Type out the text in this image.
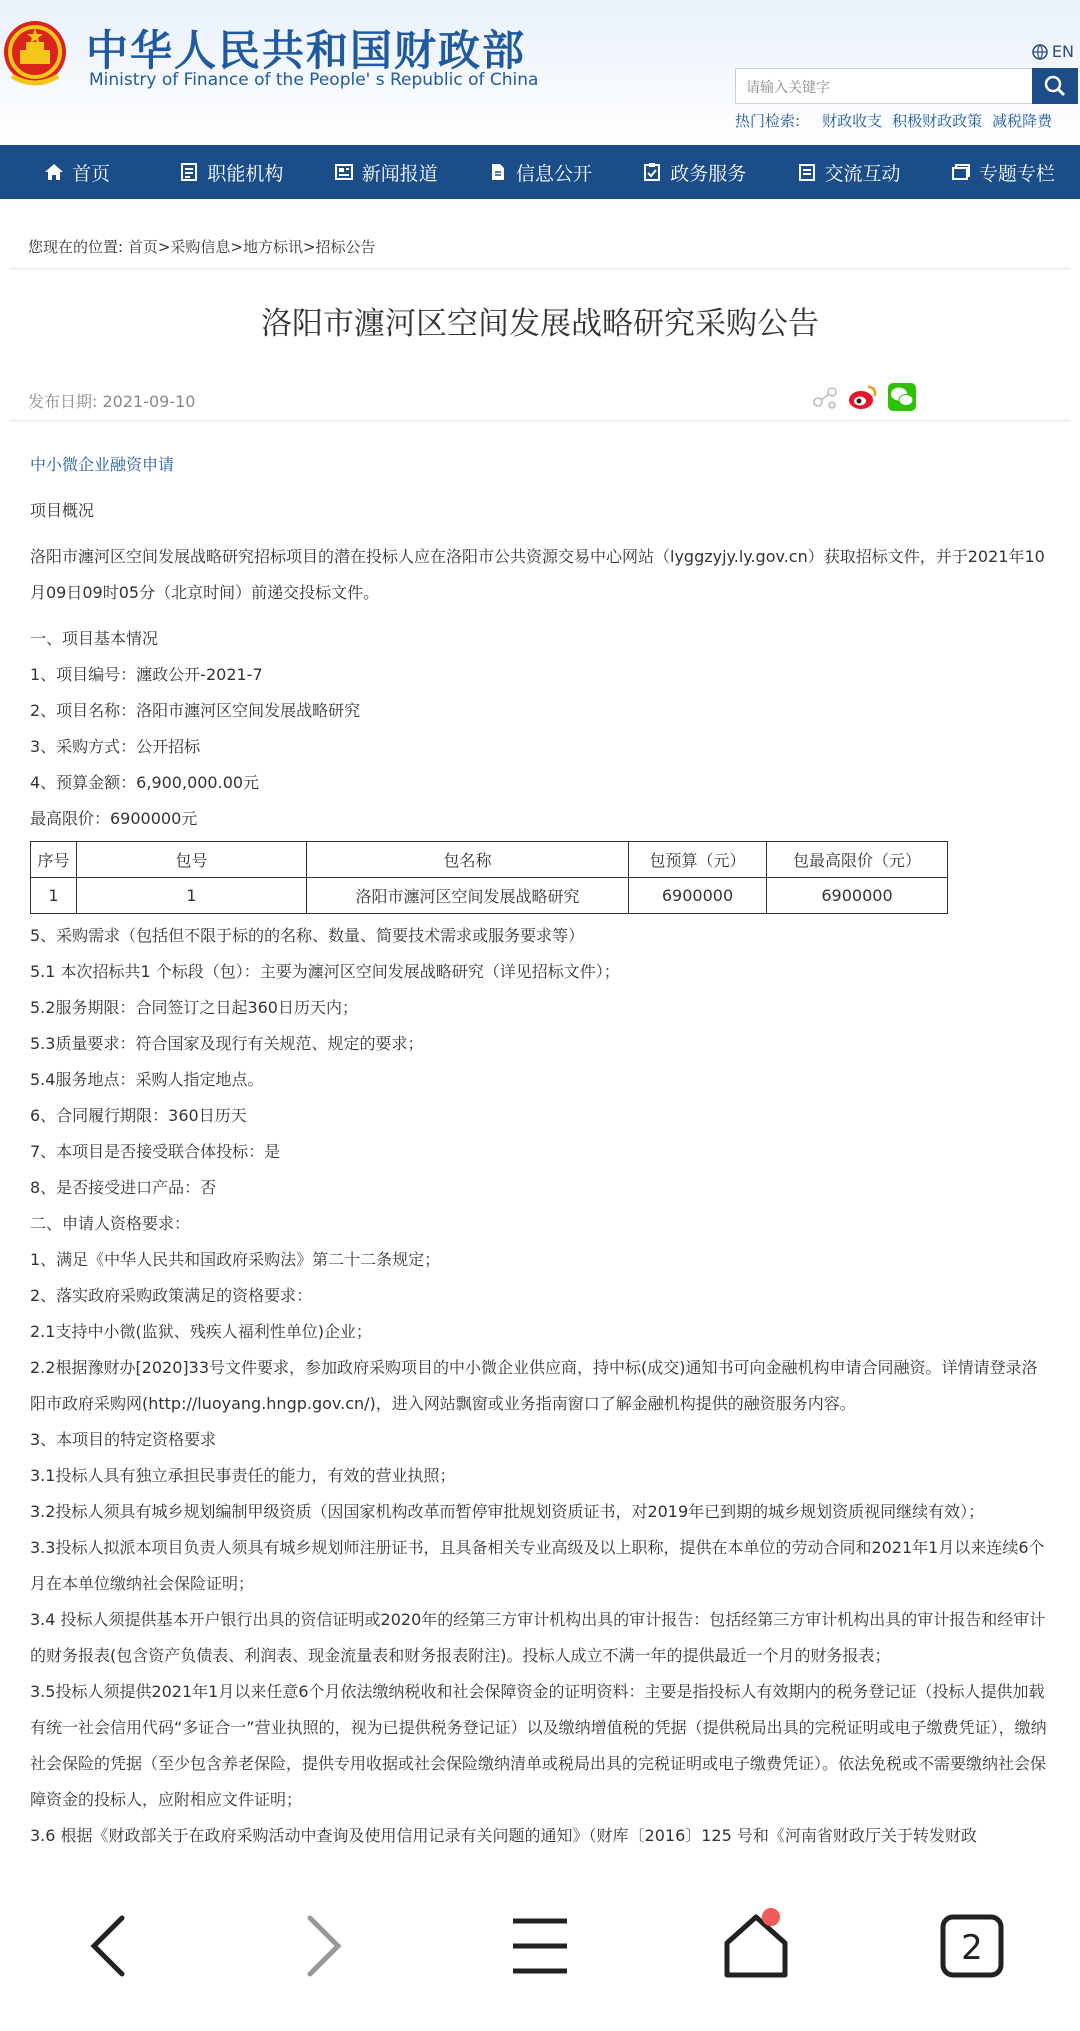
中华人民共和国财政部
Ministry of Finance of the People' s Republic of China
EN
请输入关键字
热门检索: 财政收支 积极财政政策 减税降费
首页	职能机构	新闻报道	信息公开	政务服务	交流互动	专题专栏
您现在的位置: 首页>采购信息>地方标讯>招标公告
洛阳市瀍河区空间发展战略研究采购公告
发布日期: 2021-09-10
中小微企业融资申请
项目概况
洛阳市瀍河区空间发展战略研究招标项目的潜在投标人应在洛阳市公共资源交易中心网站（lyggzyjy.ly.gov.cn）获取招标文件，并于2021年10月09日09时05分（北京时间）前递交投标文件。
一、项目基本情况
1、项目编号：瀍政公开-2021-7
2、项目名称：洛阳市瀍河区空间发展战略研究
3、采购方式：公开招标
4、预算金额：6,900,000.00元
最高限价：6900000元
序号	包号	包名称	包预算（元）	包最高限价（元）
1	1	洛阳市瀍河区空间发展战略研究	6900000	6900000
5、采购需求（包括但不限于标的的名称、数量、简要技术需求或服务要求等）
5.1 本次招标共1 个标段（包）：主要为瀍河区空间发展战略研究（详见招标文件）；
5.2服务期限：合同签订之日起360日历天内；
5.3质量要求：符合国家及现行有关规范、规定的要求；
5.4服务地点：采购人指定地点。
6、合同履行期限：360日历天
7、本项目是否接受联合体投标：是
8、是否接受进口产品：否
二、申请人资格要求：
1、满足《中华人民共和国政府采购法》第二十二条规定；
2、落实政府采购政策满足的资格要求：
2.1支持中小微(监狱、残疾人福利性单位)企业；
2.2根据豫财办[2020]33号文件要求，参加政府采购项目的中小微企业供应商，持中标(成交)通知书可向金融机构申请合同融资。详情请登录洛阳市政府采购网(http://luoyang.hngp.gov.cn/)，进入网站飘窗或业务指南窗口了解金融机构提供的融资服务内容。
3、本项目的特定资格要求
3.1投标人具有独立承担民事责任的能力，有效的营业执照；
3.2投标人须具有城乡规划编制甲级资质（因国家机构改革而暂停审批规划资质证书，对2019年已到期的城乡规划资质视同继续有效）；
3.3投标人拟派本项目负责人须具有城乡规划师注册证书，且具备相关专业高级及以上职称，提供在本单位的劳动合同和2021年1月以来连续6个月在本单位缴纳社会保险证明；
3.4 投标人须提供基本开户银行出具的资信证明或2020年的经第三方审计机构出具的审计报告：包括经第三方审计机构出具的审计报告和经审计的财务报表(包含资产负债表、利润表、现金流量表和财务报表附注)。投标人成立不满一年的提供最近一个月的财务报表；
3.5投标人须提供2021年1月以来任意6个月依法缴纳税收和社会保障资金的证明资料：主要是指投标人有效期内的税务登记证（投标人提供加载有统一社会信用代码“多证合一”营业执照的，视为已提供税务登记证）以及缴纳增值税的凭据（提供税局出具的完税证明或电子缴费凭证），缴纳社会保险的凭据（至少包含养老保险，提供专用收据或社会保险缴纳清单或税局出具的完税证明或电子缴费凭证）。依法免税或不需要缴纳社会保障资金的投标人，应附相应文件证明；
3.6 根据《财政部关于在政府采购活动中查询及使用信用记录有关问题的通知》（财库〔2016〕125 号和《河南省财政厅关于转发财政
2
